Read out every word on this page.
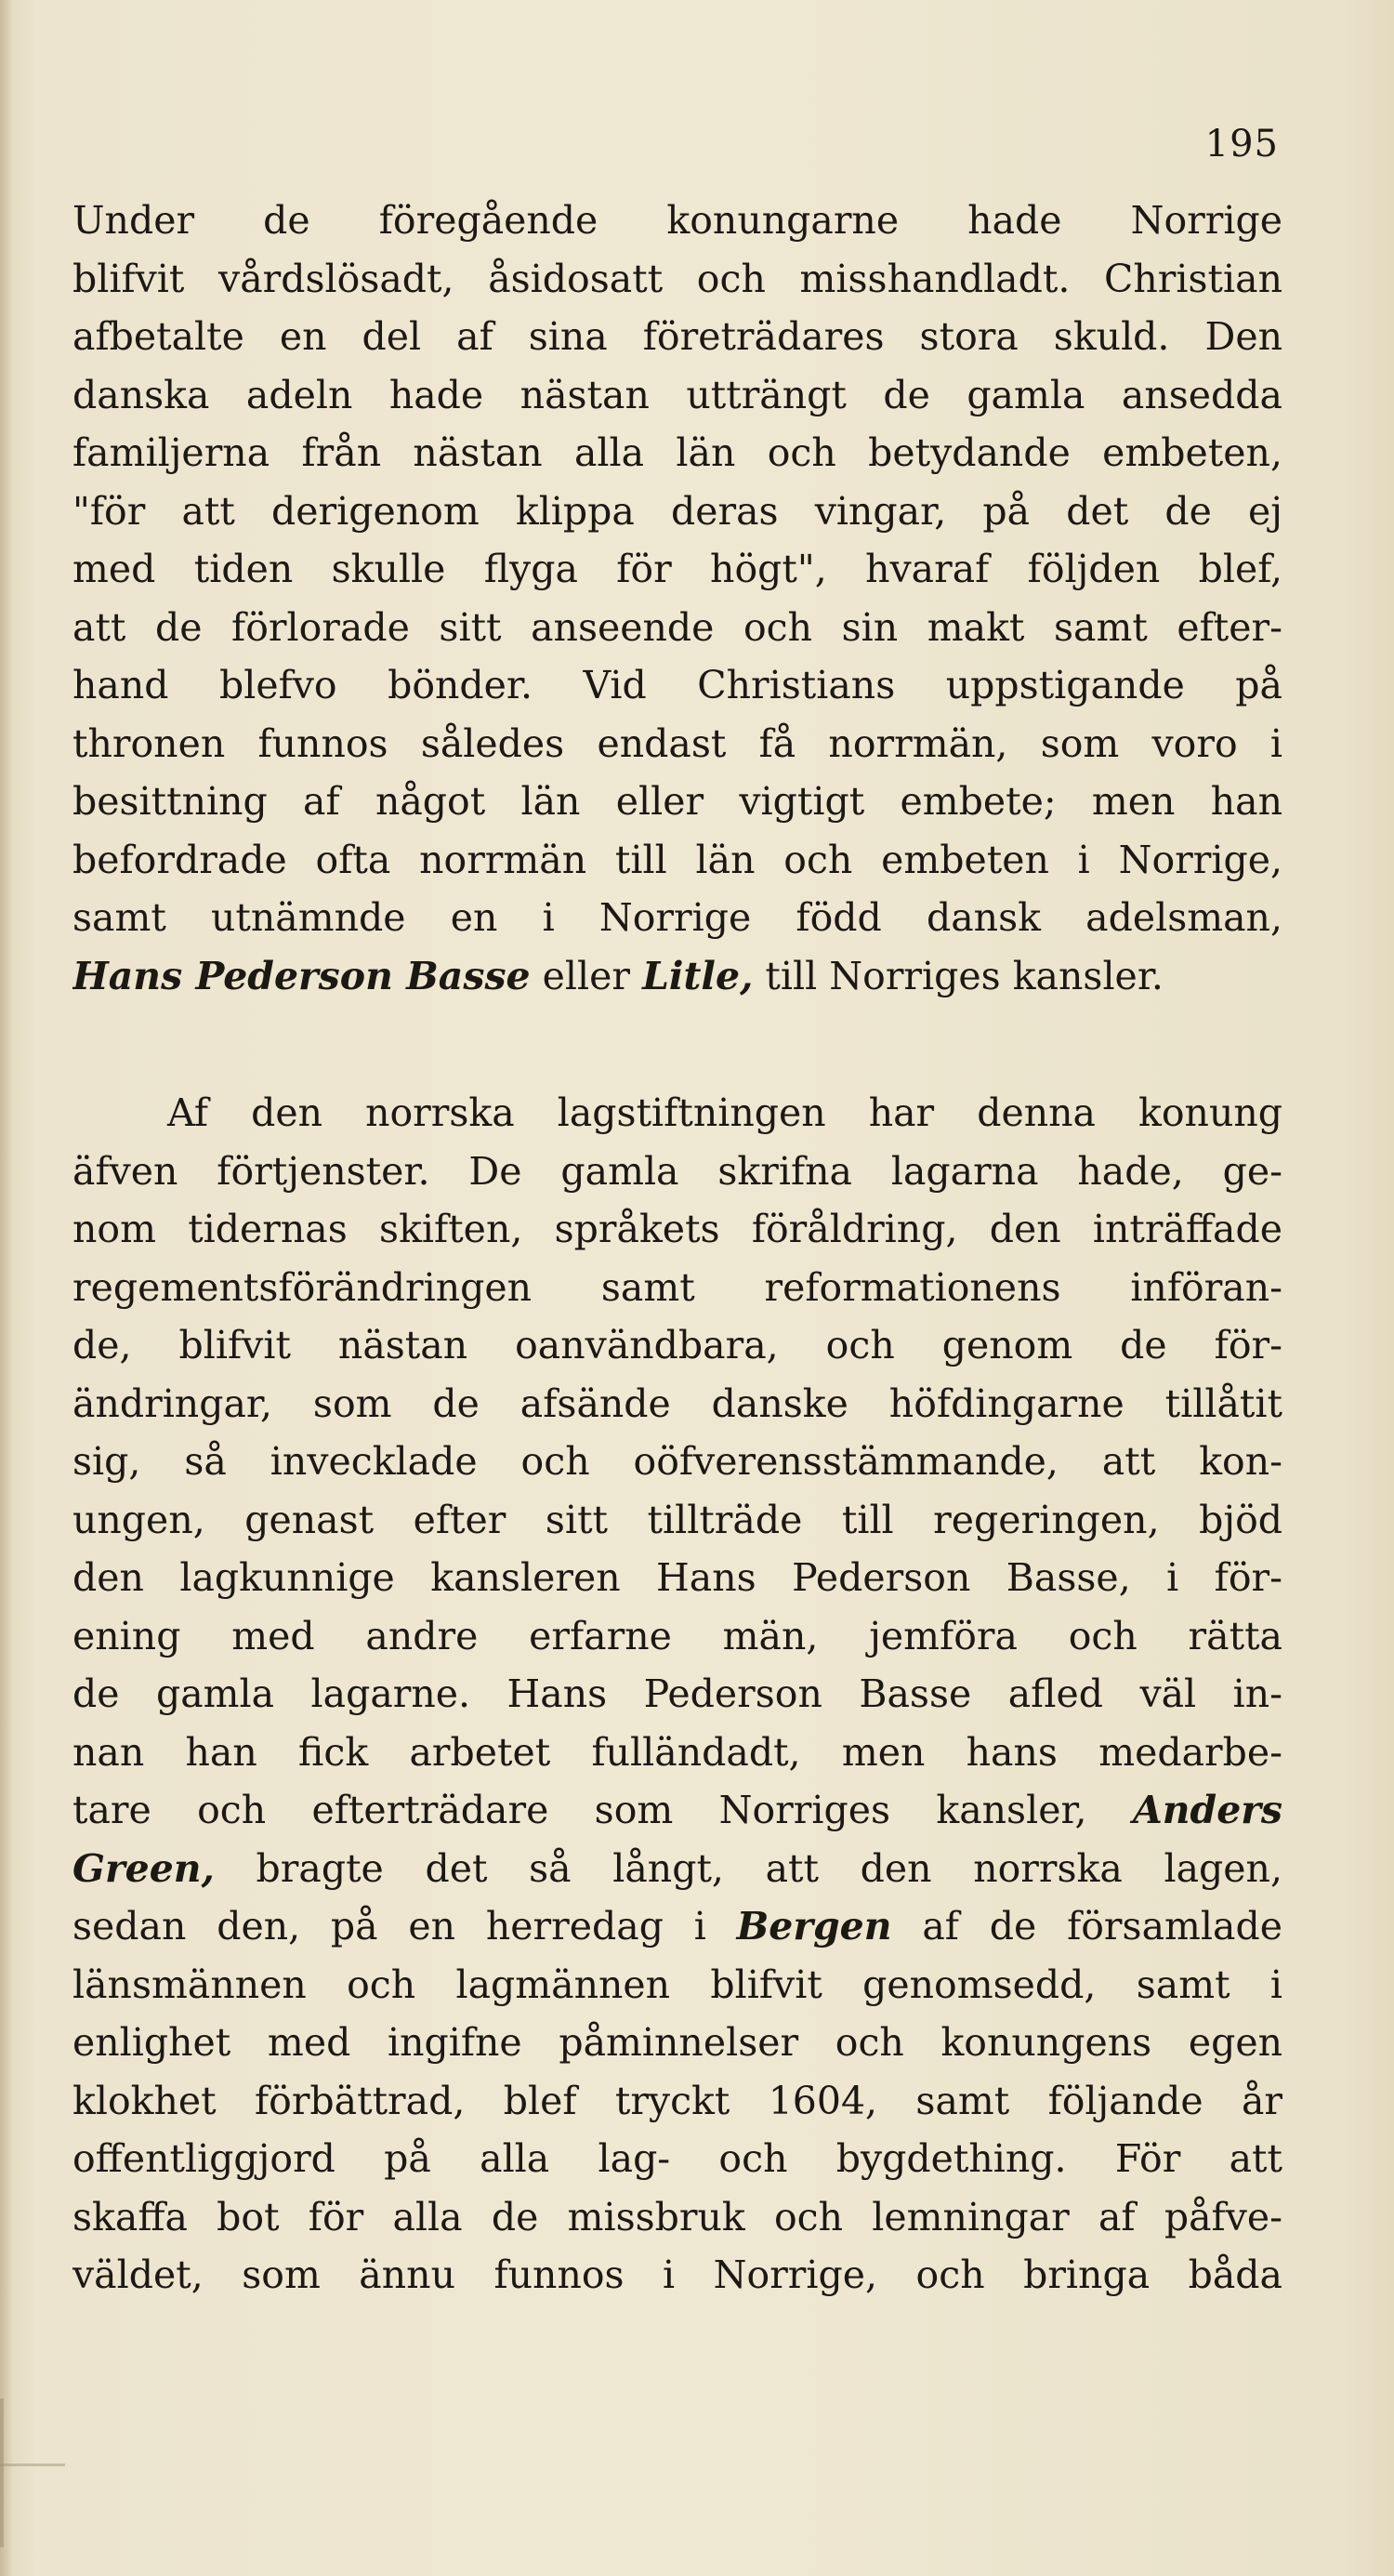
195
Under de föregående konungarne hade Norrige
blifvit vårdslösadt, åsidosatt och misshandladt. Christian
afbetalte en del af sina företrädares stora skuld. Den
danska adeln hade nästan utträngt de gamla ansedda
familjerna från nästan alla län och betydande embeten,
"för att derigenom klippa deras vingar, på det de ej
med tiden skulle flyga för högt", hvaraf följden blef,
att de förlorade sitt anseende och sin makt samt efter-
hand blefvo bönder. Vid Christians uppstigande på
thronen funnos således endast få norrmän, som voro i
besittning af något län eller vigtigt embete; men han
befordrade ofta norrmän till län och embeten i Norrige,
samt utnämnde en i Norrige född dansk adelsman,
Hans Pederson Basse eller Litle, till Norriges kansler.
Af den norrska lagstiftningen har denna konung
äfven förtjenster. De gamla skrifna lagarna hade, ge-
nom tidernas skiften, språkets föråldring, den inträffade
regementsförändringen samt reformationens införan-
de, blifvit nästan oanvändbara, och genom de för-
ändringar, som de afsände danske höfdingarne tillåtit
sig, så invecklade och oöfverensstämmande, att kon-
ungen, genast efter sitt tillträde till regeringen, bjöd
den lagkunnige kansleren Hans Pederson Basse, i för-
ening med andre erfarne män, jemföra och rätta
de gamla lagarne. Hans Pederson Basse afled väl in-
nan han fick arbetet fulländadt, men hans medarbe-
tare och efterträdare som Norriges kansler, Anders
Green, bragte det så långt, att den norrska lagen,
sedan den, på en herredag i Bergen af de församlade
länsmännen och lagmännen blifvit genomsedd, samt i
enlighet med ingifne påminnelser och konungens egen
klokhet förbättrad, blef tryckt 1604, samt följande år
offentliggjord på alla lag- och bygdething. För att
skaffa bot för alla de missbruk och lemningar af påfve-
väldet, som ännu funnos i Norrige, och bringa båda
